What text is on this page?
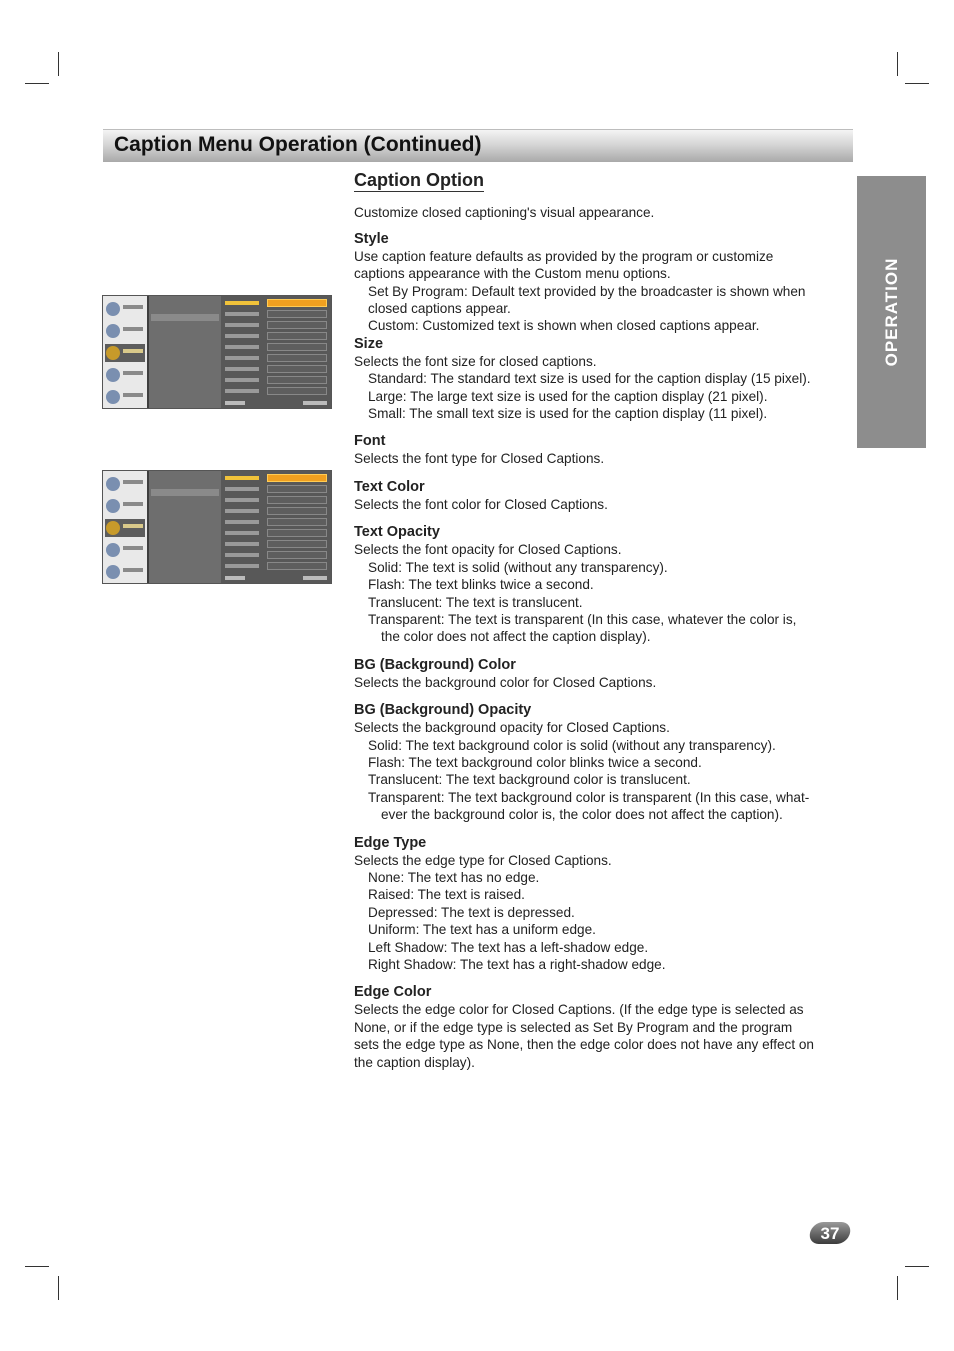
Caption Menu Operation (Continued)
OPERATION
Caption Option
Customize closed captioning's visual appearance.
Style
Use caption feature defaults as provided by the program or customize
captions appearance with the Custom menu options.
Set By Program: Default text provided by the broadcaster is shown when
closed captions appear.
Custom: Customized text is shown when closed captions appear.
Size
Selects the font size for closed captions.
Standard: The standard text size is used for the caption display (15 pixel).
Large: The large text size is used for the caption display (21 pixel).
Small: The small text size is used for the caption display (11 pixel).
Font
Selects the font type for Closed Captions.
Text Color
Selects the font color for Closed Captions.
Text Opacity
Selects the font opacity for Closed Captions.
Solid: The text is solid (without any transparency).
Flash: The text blinks twice a second.
Translucent: The text is translucent.
Transparent: The text is transparent (In this case, whatever the color is,
the color does not affect the caption display).
BG (Background) Color
Selects the background color for Closed Captions.
BG (Background) Opacity
Selects the background opacity for Closed Captions.
Solid: The text background color is solid (without any transparency).
Flash: The text background color blinks twice a second.
Translucent: The text background color is translucent.
Transparent: The text background color is transparent (In this case, what-
ever the background color is, the color does not affect the caption).
Edge Type
Selects the edge type for Closed Captions.
None: The text has no edge.
Raised: The text is raised.
Depressed: The text is depressed.
Uniform: The text has a uniform edge.
Left Shadow: The text has a left-shadow edge.
Right Shadow: The text has a right-shadow edge.
Edge Color
Selects the edge color for Closed Captions. (If the edge type is selected as
None, or if the edge type is selected as Set By Program and the program
sets the edge type as None, then the edge color does not have any effect on
the caption display).
37
